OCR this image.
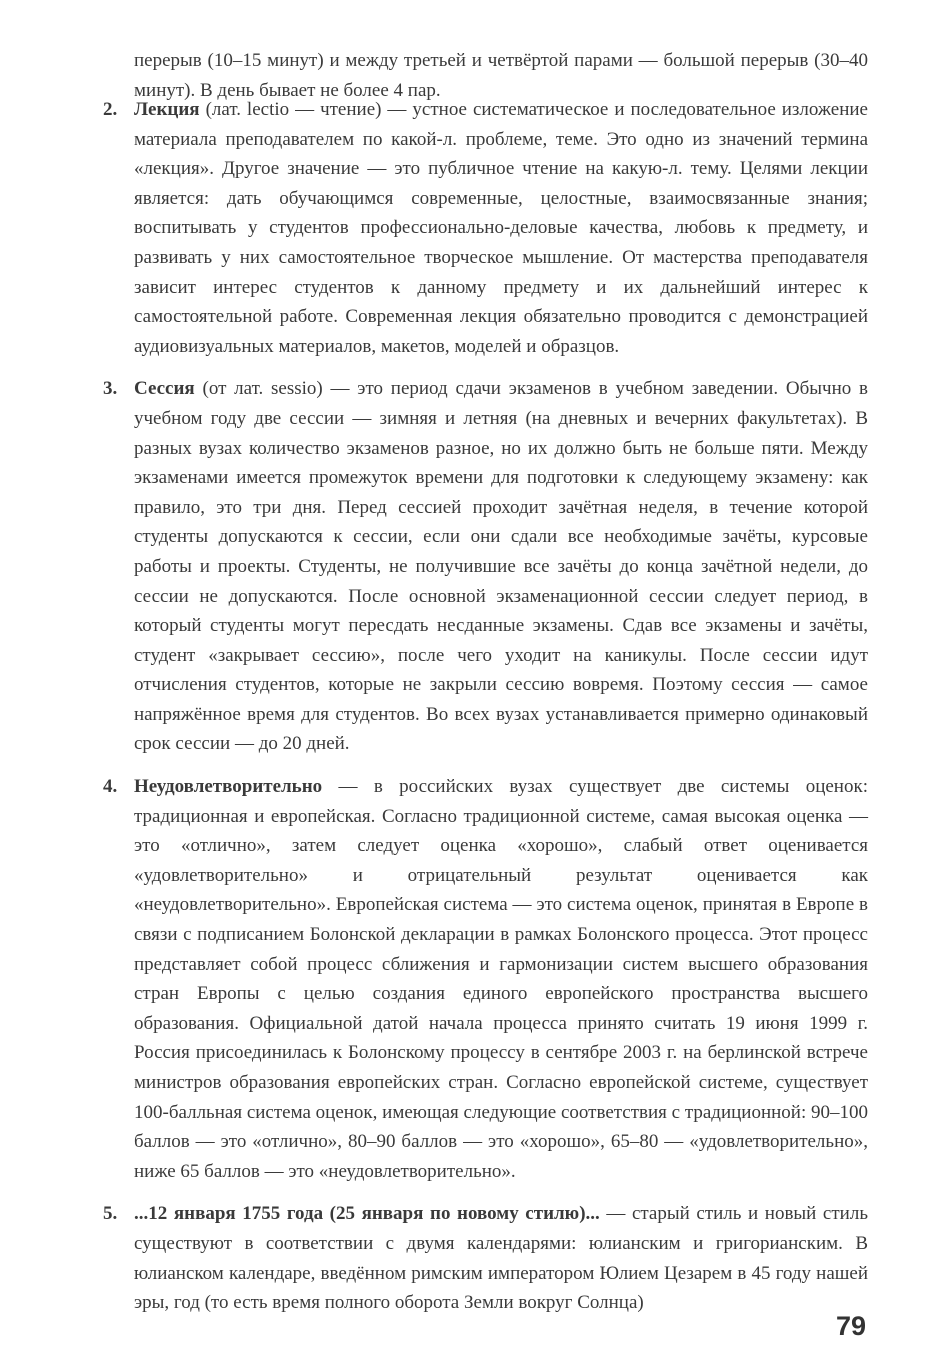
перерыв (10–15 минут) и между третьей и четвёртой парами — большой перерыв (30–40 минут). В день бывает не более 4 пар.

2. Лекция (лат. lectio — чтение) — устное систематическое и последовательное изложение материала преподавателем по какой-л. проблеме, теме. Это одно из значений термина «лекция». Другое значение — это публичное чтение на какую-л. тему. Целями лекции является: дать обучающимся современные, целостные, взаимосвязанные знания; воспитывать у студентов профессионально-деловые качества, любовь к предмету, и развивать у них самостоятельное творческое мышление. От мастерства преподавателя зависит интерес студентов к данному предмету и их дальнейший интерес к самостоятельной работе. Современная лекция обязательно проводится с демонстрацией аудиовизуальных материалов, макетов, моделей и образцов.
3. Сессия (от лат. sessio) — это период сдачи экзаменов в учебном заведении. Обычно в учебном году две сессии — зимняя и летняя (на дневных и вечерних факультетах). В разных вузах количество экзаменов разное, но их должно быть не больше пяти. Между экзаменами имеется промежуток времени для подготовки к следующему экзамену: как правило, это три дня. Перед сессией проходит зачётная неделя, в течение которой студенты допускаются к сессии, если они сдали все необходимые зачёты, курсовые работы и проекты. Студенты, не получившие все зачёты до конца зачётной недели, до сессии не допускаются. После основной экзаменационной сессии следует период, в который студенты могут пересдать несданные экзамены. Сдав все экзамены и зачёты, студент «закрывает сессию», после чего уходит на каникулы. После сессии идут отчисления студентов, которые не закрыли сессию вовремя. Поэтому сессия — самое напряжённое время для студентов. Во всех вузах устанавливается примерно одинаковый срок сессии — до 20 дней.
4. Неудовлетворительно — в российских вузах существует две системы оценок: традиционная и европейская. Согласно традиционной системе, самая высокая оценка — это «отлично», затем следует оценка «хорошо», слабый ответ оценивается «удовлетворительно» и отрицательный результат оценивается как «неудовлетворительно». Европейская система — это система оценок, принятая в Европе в связи с подписанием Болонской декларации в рамках Болонского процесса. Этот процесс представляет собой процесс сближения и гармонизации систем высшего образования стран Европы с целью создания единого европейского пространства высшего образования. Официальной датой начала процесса принято считать 19 июня 1999 г. Россия присоединилась к Болонскому процессу в сентябре 2003 г. на берлинской встрече министров образования европейских стран. Согласно европейской системе, существует 100-балльная система оценок, имеющая следующие соответствия с традиционной: 90–100 баллов — это «отлично», 80–90 баллов — это «хорошо», 65–80 — «удовлетворительно», ниже 65 баллов — это «неудовлетворительно».
5. ...12 января 1755 года (25 января по новому стилю)... — старый стиль и новый стиль существуют в соответствии с двумя календарями: юлианским и григорианским. В юлианском календаре, введённом римским императором Юлием Цезарем в 45 году нашей эры, год (то есть время полного оборота Земли вокруг Солнца)
79
